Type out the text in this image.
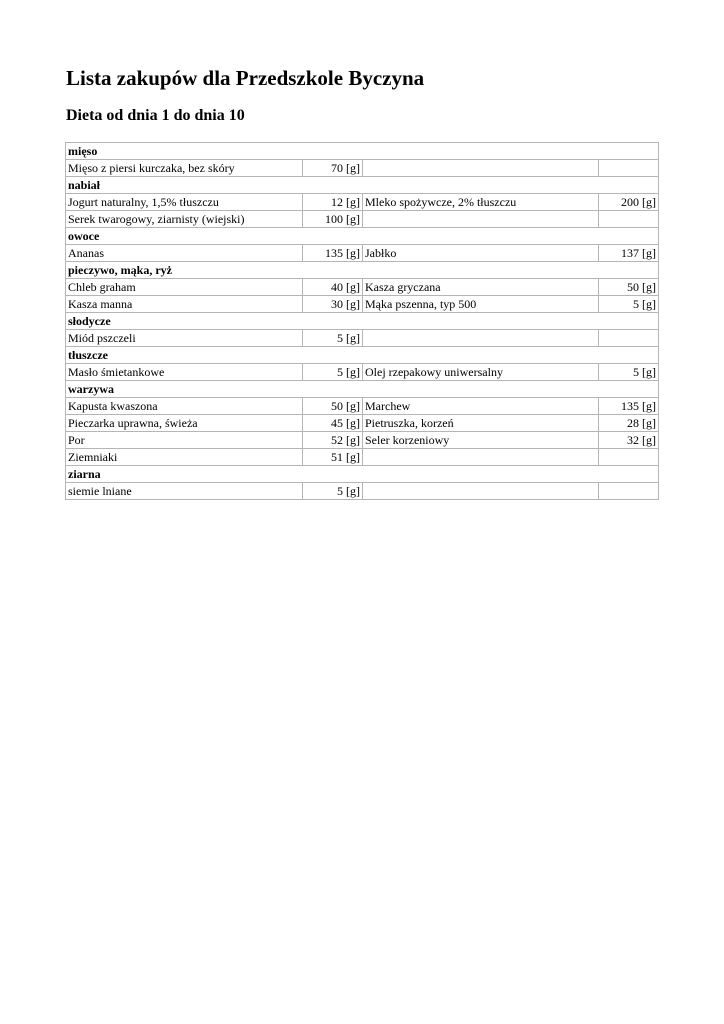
Lista zakupów dla Przedszkole Byczyna
Dieta od dnia 1 do dnia 10
mięso			
Mięso z piersi kurczaka, bez skóry	70 [g]		
nabiał			
Jogurt naturalny, 1,5% tłuszczu	12 [g]	Mleko spożywcze, 2% tłuszczu	200 [g]
Serek twarogowy, ziarnisty (wiejski)	100 [g]		
owoce			
Ananas	135 [g]	Jabłko	137 [g]
pieczywo, mąka, ryż			
Chleb graham	40 [g]	Kasza gryczana	50 [g]
Kasza manna	30 [g]	Mąka pszenna, typ 500	5 [g]
słodycze			
Miód pszczeli	5 [g]		
tłuszcze			
Masło śmietankowe	5 [g]	Olej rzepakowy uniwersalny	5 [g]
warzywa			
Kapusta kwaszona	50 [g]	Marchew	135 [g]
Pieczarka uprawna, świeża	45 [g]	Pietruszka, korzeń	28 [g]
Por	52 [g]	Seler korzeniowy	32 [g]
Ziemniaki	51 [g]		
ziarna			
siemie lniane	5 [g]		
